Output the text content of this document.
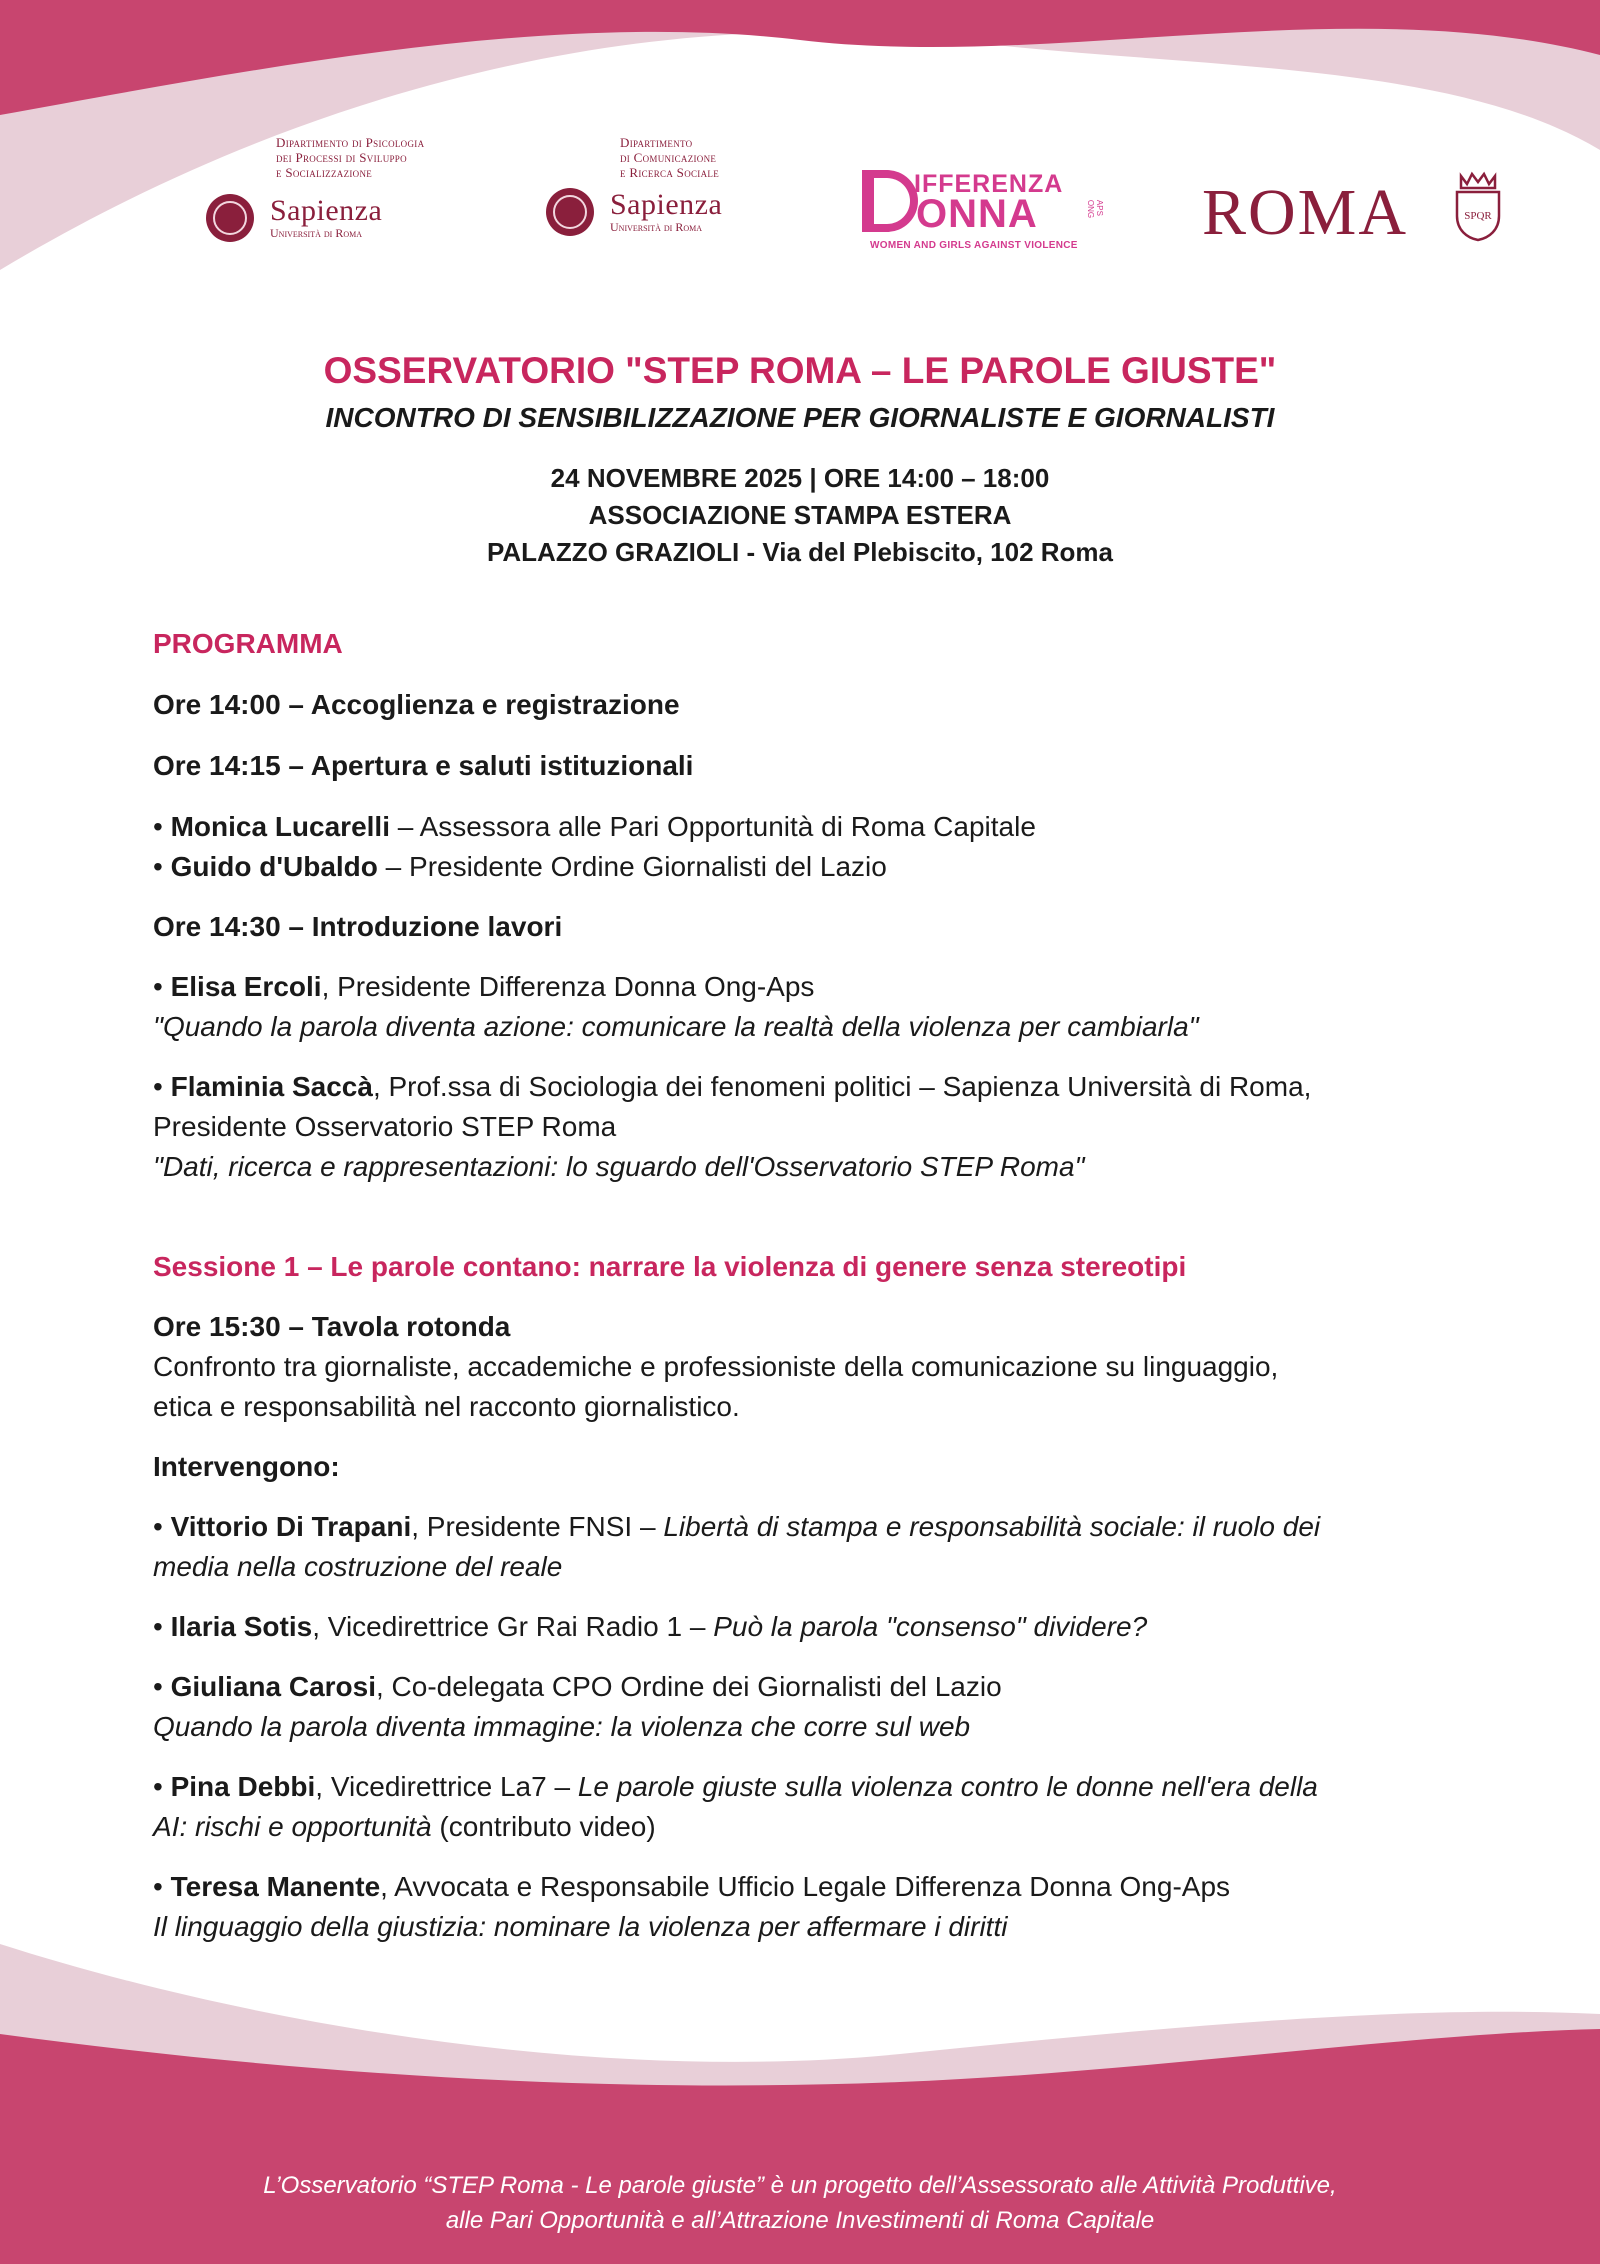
Dipartimento di Psicologia
dei Processi di Sviluppo
e Socializzazione
Sapienza
Università di Roma
Dipartimento
di Comunicazione
e Ricerca Sociale
Sapienza
Università di Roma
IFFERENZA
ONNA	APS ONG
WOMEN AND GIRLS AGAINST VIOLENCE ROMA	SPQR
OSSERVATORIO "STEP ROMA – LE PAROLE GIUSTE"
INCONTRO DI SENSIBILIZZAZIONE PER GIORNALISTE E GIORNALISTI
24 NOVEMBRE 2025 | ORE 14:00 – 18:00
ASSOCIAZIONE STAMPA ESTERA
PALAZZO GRAZIOLI - Via del Plebiscito, 102 Roma

PROGRAMMA

Ore 14:00 – Accoglienza e registrazione

Ore 14:15 – Apertura e saluti istituzionali

• Monica Lucarelli – Assessora alle Pari Opportunità di Roma Capitale

• Guido d'Ubaldo – Presidente Ordine Giornalisti del Lazio

Ore 14:30 – Introduzione lavori

• Elisa Ercoli, Presidente Differenza Donna Ong-Aps

"Quando la parola diventa azione: comunicare la realtà della violenza per cambiarla"

• Flaminia Saccà, Prof.ssa di Sociologia dei fenomeni politici – Sapienza Università di Roma,

Presidente Osservatorio STEP Roma

"Dati, ricerca e rappresentazioni: lo sguardo dell'Osservatorio STEP Roma"

Sessione 1 – Le parole contano: narrare la violenza di genere senza stereotipi

Ore 15:30 – Tavola rotonda

Confronto tra giornaliste, accademiche e professioniste della comunicazione su linguaggio,

etica e responsabilità nel racconto giornalistico.

Intervengono:

• Vittorio Di Trapani, Presidente FNSI – Libertà di stampa e responsabilità sociale: il ruolo dei

media nella costruzione del reale

• Ilaria Sotis, Vicedirettrice Gr Rai Radio 1 – Può la parola "consenso" dividere?

• Giuliana Carosi, Co-delegata CPO Ordine dei Giornalisti del Lazio

Quando la parola diventa immagine: la violenza che corre sul web

• Pina Debbi, Vicedirettrice La7 – Le parole giuste sulla violenza contro le donne nell'era della

AI: rischi e opportunità (contributo video)

• Teresa Manente, Avvocata e Responsabile Ufficio Legale Differenza Donna Ong-Aps

Il linguaggio della giustizia: nominare la violenza per affermare i diritti

L’Osservatorio “STEP Roma - Le parole giuste” è un progetto dell’Assessorato alle Attività Produttive,
alle Pari Opportunità e all’Attrazione Investimenti di Roma Capitale
